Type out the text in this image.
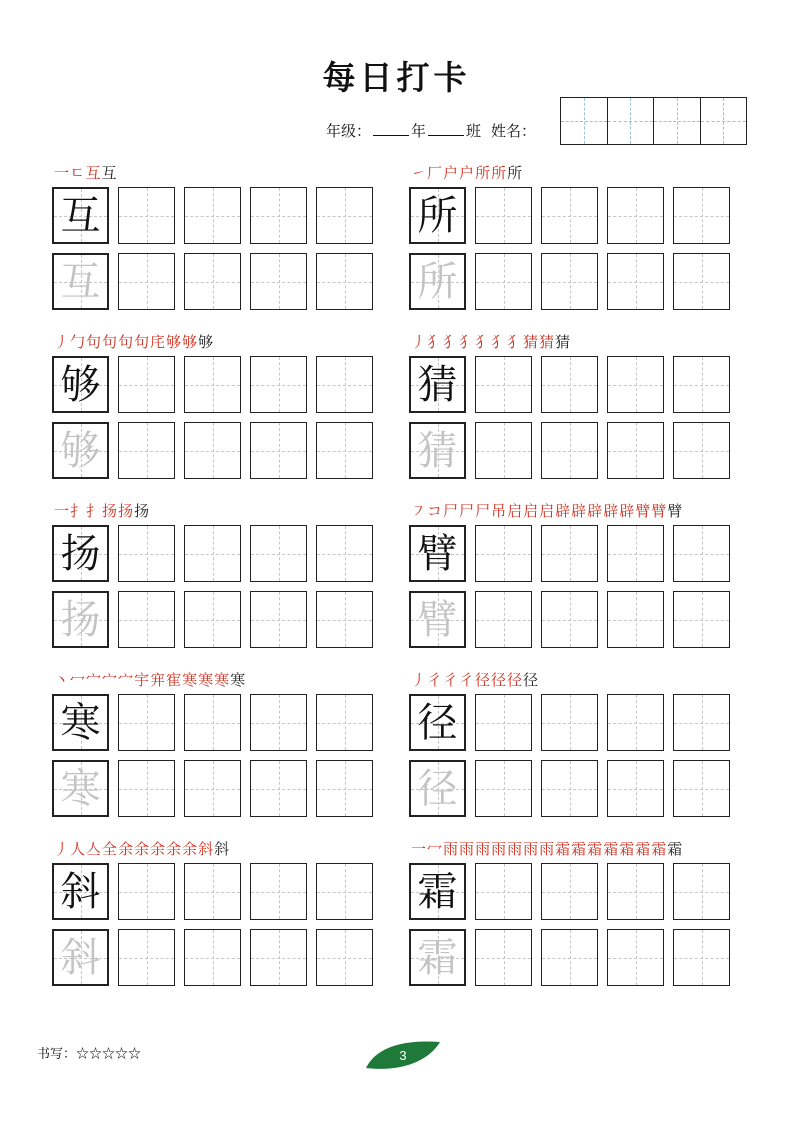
每日打卡
年级：	年	班 姓名：
一ㄷ互互
互
互
㇀厂户户所所所
所
所
丿勹句句句句㡯够够够
够
够
丿犭犭犭犭犭犭猜猜猜
猜
猜
一扌扌扬扬扬
扬
扬
㇇コ尸尸尸吊启启启辟辟辟辟辟臂臂臂
臂
臂
丶冖宀宀宀宇宑寉寒寒寒寒
寒
寒
丿彳彳彳径径径径
径
径
丿人亼全余余余余余斜斜
斜
斜
一冖雨雨雨雨雨雨雨霜霜霜霜霜霜霜霜
霜
霜
书写：☆☆☆☆☆	3
